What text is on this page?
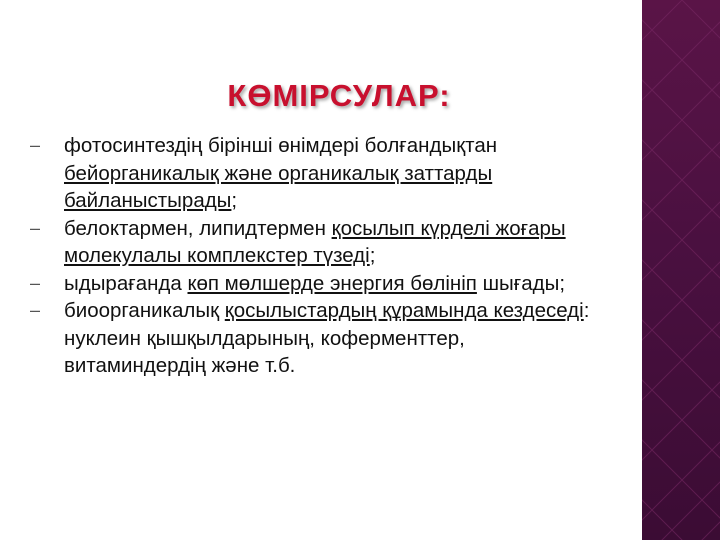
КӨМІРСУЛАР:
– фотосинтездің бірінші өнімдері болғандықтан бейорганикалық және органикалық заттарды байланыстырады;
– белоктармен, липидтермен қосылып күрделі жоғары молекулалы комплекстер түзеді;
– ыдырағанда көп мөлшерде энергия бөлініп шығады;
– биоорганикалық қосылыстардың құрамында кездеседі: нуклеин қышқылдарының, коферменттер, витаминдердің және т.б.
